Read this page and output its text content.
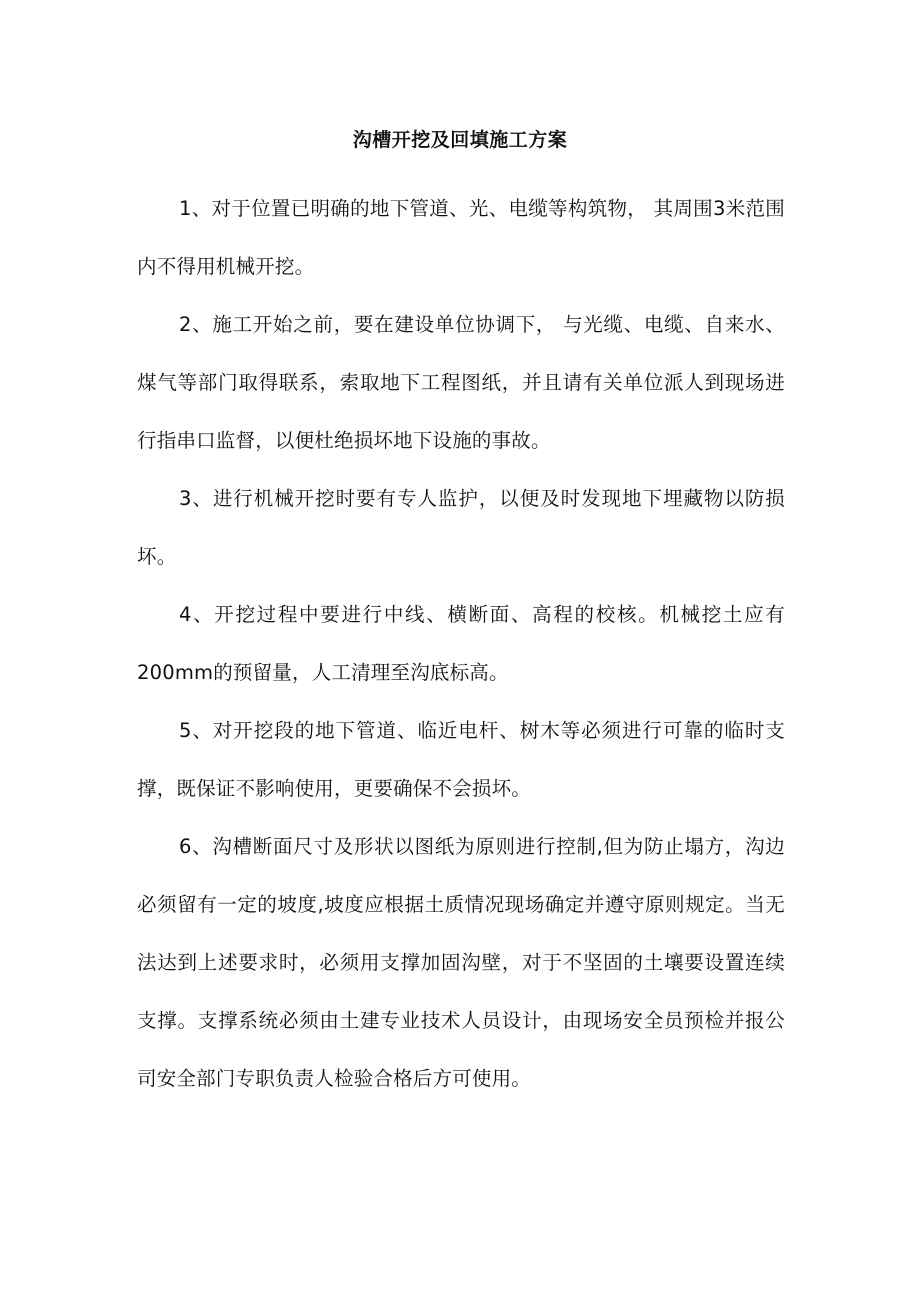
沟槽开挖及回填施工方案

1、对于位置已明确的地下管道、光、电缆等构筑物， 其周围3米范围内不得用机械开挖。

2、施工开始之前，要在建设单位协调下， 与光缆、电缆、自来水、煤气等部门取得联系，索取地下工程图纸，并且请有关单位派人到现场进行指串口监督，以便杜绝损坏地下设施的事故。

3、进行机械开挖时要有专人监护，以便及时发现地下埋藏物以防损坏。

4、开挖过程中要进行中线、横断面、高程的校核。机械挖土应有200mm的预留量，人工清理至沟底标高。

5、对开挖段的地下管道、临近电杆、树木等必须进行可靠的临时支撑，既保证不影响使用，更要确保不会损坏。

6、沟槽断面尺寸及形状以图纸为原则进行控制,但为防止塌方，沟边必须留有一定的坡度,坡度应根据土质情况现场确定并遵守原则规定。当无法达到上述要求时，必须用支撑加固沟壁，对于不坚固的土壤要设置连续支撑。支撑系统必须由土建专业技术人员设计，由现场安全员预检并报公司安全部门专职负责人检验合格后方可使用。
